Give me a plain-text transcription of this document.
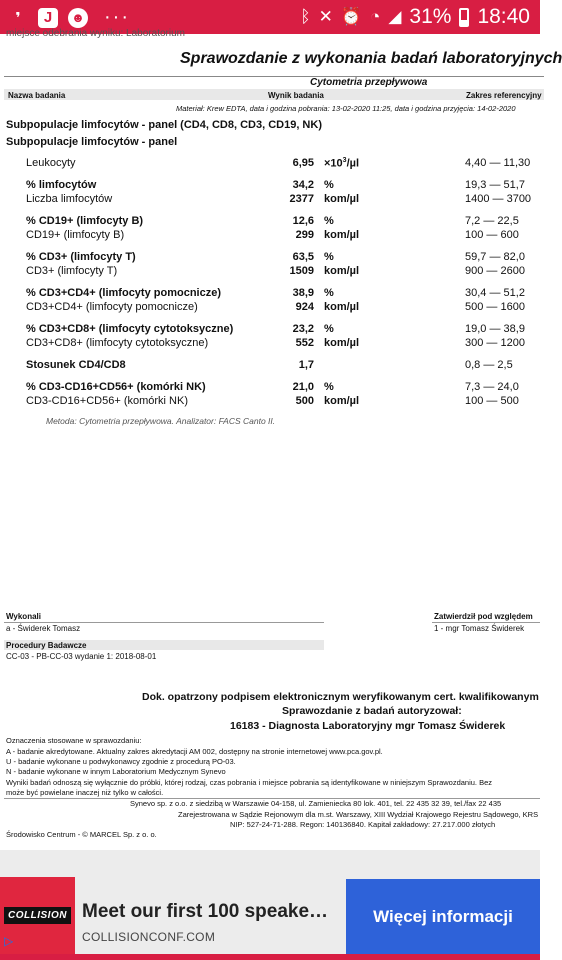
❜	J	☻ ···	ᛒ ✕ ⏰ ◔ ◢ 31% 18:40
miejsce odebrania wyniku: Laboratorium
Sprawozdanie z wykonania badań laboratoryjnych
Cytometria przepływowa
Nazwa badania	Wynik badania	Zakres referencyjny
Materiał: Krew EDTA, data i godzina pobrania: 13-02-2020 11:25, data i godzina przyjęcia: 14-02-2020
Subpopulacje limfocytów - panel (CD4, CD8, CD3, CD19, NK)
Subpopulacje limfocytów - panel
Leukocyty	$6,95 \times 10^3/\mu l$	4,40 — 11,30
% limfocytów	34,2 %	19,3 — 51,7
Liczba limfocytów	2377 kom/µl	1400 — 3700
% CD19+ (limfocyty B)	12,6 %	7,2 — 22,5
CD19+ (limfocyty B)	299 kom/µl	100 — 600
% CD3+ (limfocyty T)	63,5 %	59,7 — 82,0
CD3+ (limfocyty T)	1509 kom/µl	900 — 2600
% CD3+CD4+ (limfocyty pomocnicze)	38,9 %	30,4 — 51,2
CD3+CD4+ (limfocyty pomocnicze)	924 kom/µl	500 — 1600
% CD3+CD8+ (limfocyty cytotoksyczne)	23,2 %	19,0 — 38,9
CD3+CD8+ (limfocyty cytotoksyczne)	552 kom/µl	300 — 1200
Stosunek CD4/CD8	1,7	0,8 — 2,5
% CD3-CD16+CD56+ (komórki NK)	21,0 %	7,3 — 24,0
CD3-CD16+CD56+ (komórki NK)	500 kom/µl	100 — 500
Metoda: Cytometria przepływowa. Analizator: FACS Canto II.
Wykonali
a - Świderek Tomasz
Zatwierdził pod względem
1 - mgr Tomasz Świderek
Procedury Badawcze
CC-03 - PB-CC-03 wydanie 1: 2018-08-01
Dok. opatrzony podpisem elektronicznym weryfikowanym cert. kwalifikowanym
Sprawozdanie z badań autoryzował:
16183 - Diagnosta Laboratoryjny mgr Tomasz Świderek
Oznaczenia stosowane w sprawozdaniu:
A - badanie akredytowane. Aktualny zakres akredytacji AM 002, dostępny na stronie internetowej www.pca.gov.pl.
U - badanie wykonane u podwykonawcy zgodnie z procedurą PO-03.
N - badanie wykonane w innym Laboratorium Medycznym Synevo
Wyniki badań odnoszą się wyłącznie do próbki, której rodzaj, czas pobrania i miejsce pobrania są identyfikowane w niniejszym Sprawozdaniu. Bez
może być powielane inaczej niż tylko w całości.
Synevo sp. z o.o. z siedzibą w Warszawie 04-158, ul. Zamieniecka 80 lok. 401, tel. 22 435 32 39, tel./fax 22 435
Zarejestrowana w Sądzie Rejonowym dla m.st. Warszawy, XIII Wydział Krajowego Rejestru Sądowego, KRS
NIP: 527-24-71-288. Regon: 140136840. Kapitał zakładowy: 27.217.000 złotych
Środowisko Centrum - © MARCEL Sp. z o. o.
COLLISION
▷
Meet our first 100 speake…
COLLISIONCONF.COM
Więcej informacji
